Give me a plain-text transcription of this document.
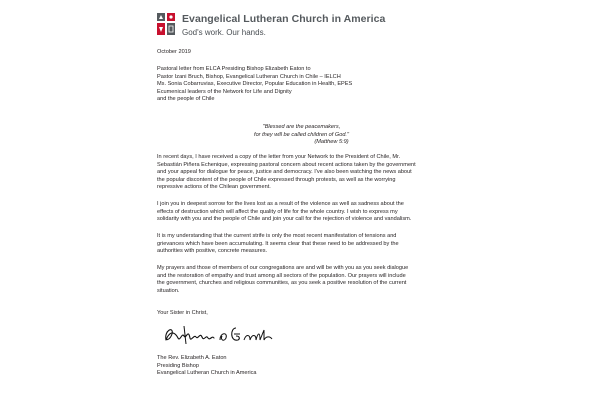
Evangelical Lutheran Church in America
God's work. Our hands.
October 2019
Pastoral letter from ELCA Presiding Bishop Elizabeth Eaton to
Pastor Izani Bruch, Bishop, Evangelical Lutheran Church in Chile – IELCH
Ms. Sonia Cobarruvias, Executive Director, Popular Education in Health, EPES
Ecumenical leaders of the Network for Life and Dignity
and the people of Chile
"Blessed are the peacemakers,
for they will be called children of God."
(Matthew 5:9)
In recent days, I have received a copy of the letter from your Network to the President of Chile, Mr.
Sebastián Piñera Echenique, expressing pastoral concern about recent actions taken by the government
and your appeal for dialogue for peace, justice and democracy. I've also been watching the news about
the popular discontent of the people of Chile expressed through protests, as well as the worrying
repressive actions of the Chilean government.
I join you in deepest sorrow for the lives lost as a result of the violence as well as sadness about the
effects of destruction which will affect the quality of life for the whole country. I wish to express my
solidarity with you and the people of Chile and join your call for the rejection of violence and vandalism.
It is my understanding that the current strife is only the most recent manifestation of tensions and
grievances which have been accumulating. It seems clear that these need to be addressed by the
authorities with positive, concrete measures.
My prayers and those of members of our congregations are and will be with you as you seek dialogue
and the restoration of empathy and trust among all sectors of the population. Our prayers will include
the government, churches and religious communities, as you seek a positive resolution of the current
situation.
Your Sister in Christ,
The Rev. Elizabeth A. Eaton
Presiding Bishop
Evangelical Lutheran Church in America
